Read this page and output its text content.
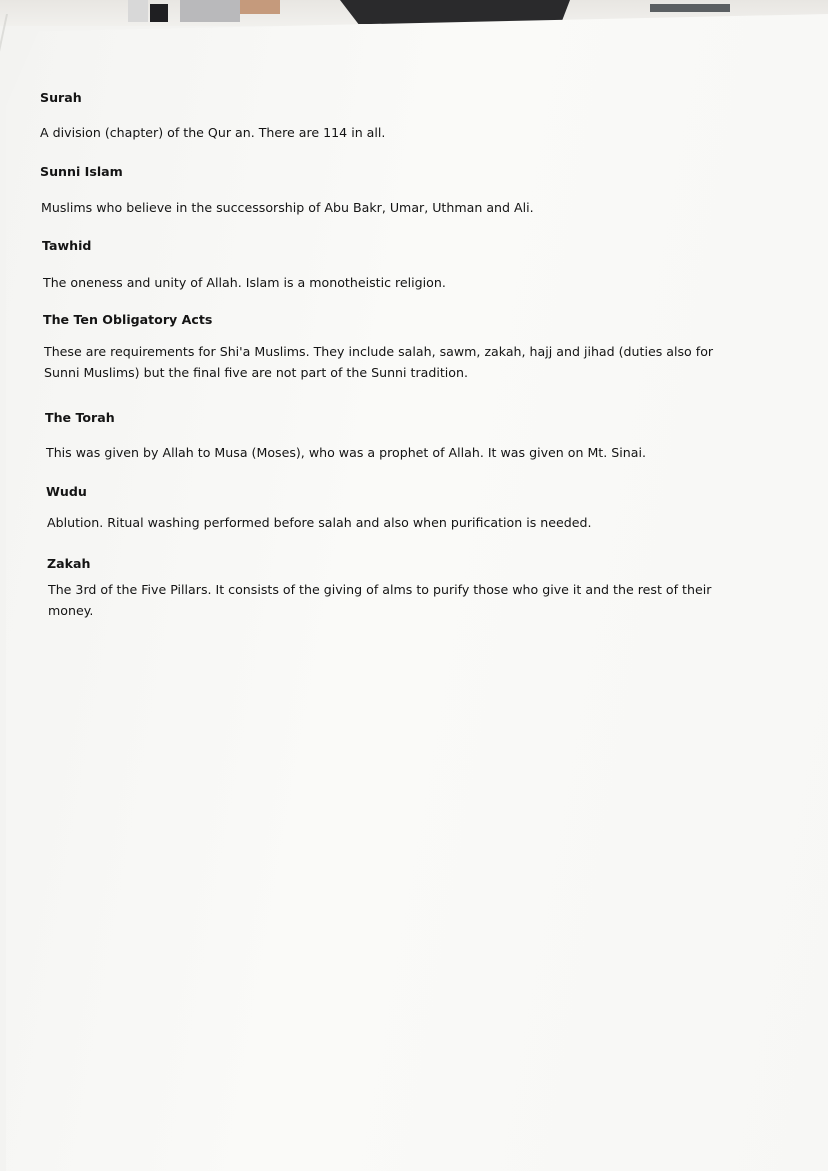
Surah
A division (chapter) of the Qur an. There are 114 in all.
Sunni Islam
Muslims who believe in the successorship of Abu Bakr, Umar, Uthman and Ali.
Tawhid
The oneness and unity of Allah. Islam is a monotheistic religion.
The Ten Obligatory Acts
These are requirements for Shi'a Muslims. They include salah, sawm, zakah, hajj and jihad (duties also for Sunni Muslims) but the final five are not part of the Sunni tradition.
The Torah
This was given by Allah to Musa (Moses), who was a prophet of Allah. It was given on Mt. Sinai.
Wudu
Ablution. Ritual washing performed before salah and also when purification is needed.
Zakah
The 3rd of the Five Pillars. It consists of the giving of alms to purify those who give it and the rest of their money.
